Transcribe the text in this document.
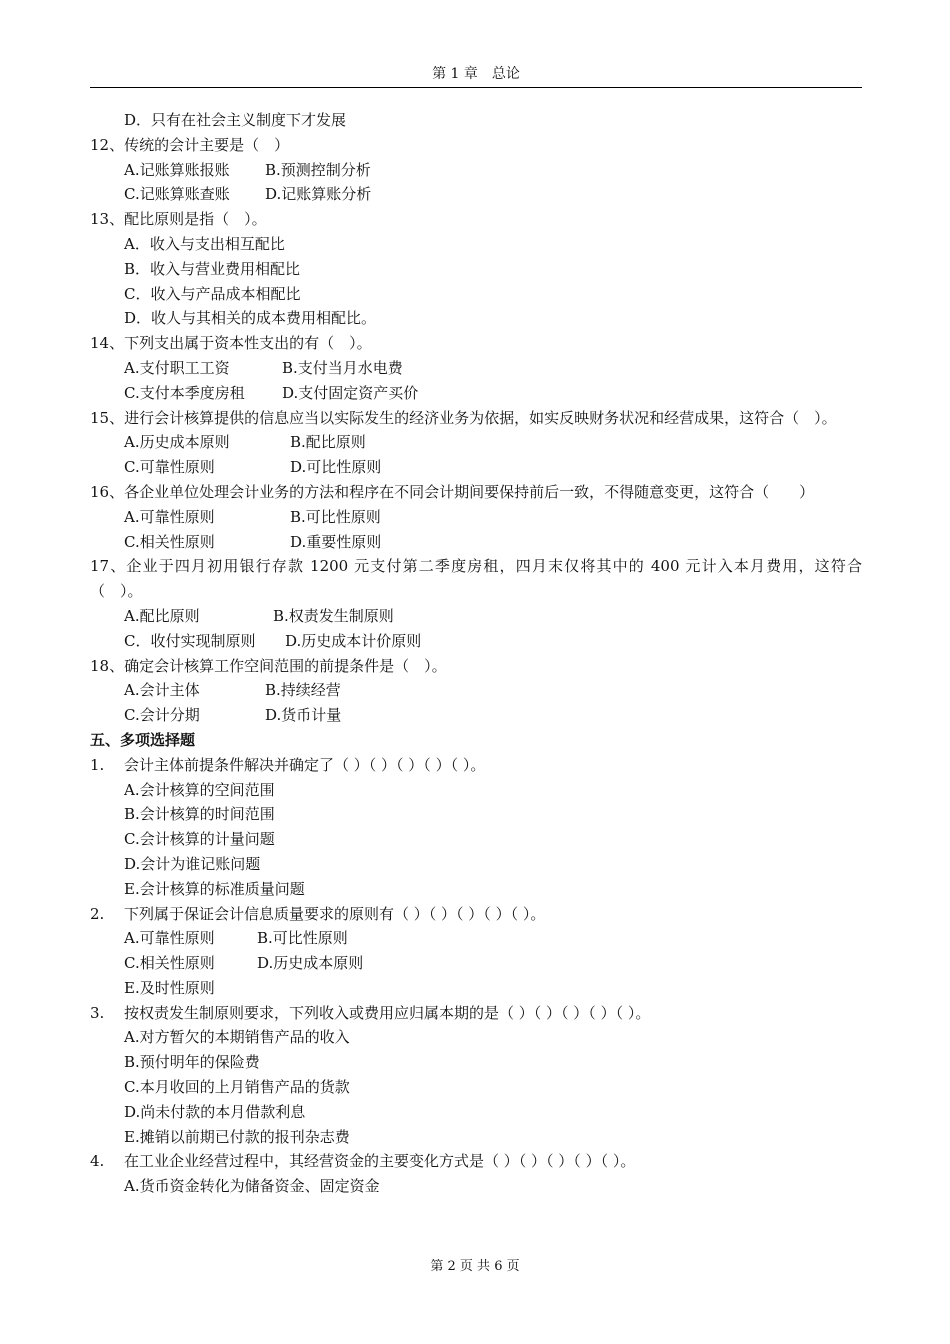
第 1 章　总论
D．只有在社会主义制度下才发展
12、传统的会计主要是（　）
A.记账算账报账 B.预测控制分析
C.记账算账查账 D.记账算账分析
13、配比原则是指（　）。
A．收入与支出相互配比
B．收入与营业费用相配比
C．收入与产品成本相配比
D．收人与其相关的成本费用相配比。
14、下列支出属于资本性支出的有（　）。
A.支付职工工资	B.支付当月水电费
C.支付本季度房租 D.支付固定资产买价
15、进行会计核算提供的信息应当以实际发生的经济业务为依据，如实反映财务状况和经营成果，这符合（　）。
A.历史成本原则	B.配比原则
C.可靠性原则	D.可比性原则
16、各企业单位处理会计业务的方法和程序在不同会计期间要保持前后一致，不得随意变更，这符合（　　）
A.可靠性原则	B.可比性原则
C.相关性原则	D.重要性原则
17、企业于四月初用银行存款 1200 元支付第二季度房租，四月末仅将其中的 400 元计入本月费用，这符合（　）。
A.配比原则	B.权责发生制原则
C．收付实现制原则 D.历史成本计价原则
18、确定会计核算工作空间范围的前提条件是（　）。
A.会计主体	B.持续经营
C.会计分期	D.货币计量
五、多项选择题
1. 会计主体前提条件解决并确定了（ ）（ ）（ ）（ ）（ ）。
A.会计核算的空间范围
B.会计核算的时间范围
C.会计核算的计量问题
D.会计为谁记账问题
E.会计核算的标准质量问题
2. 下列属于保证会计信息质量要求的原则有（ ）（ ）（ ）（ ）（ ）。
A.可靠性原则	B.可比性原则
C.相关性原则	D.历史成本原则
E.及时性原则
3. 按权责发生制原则要求，下列收入或费用应归属本期的是（ ）（ ）（ ）（ ）（ ）。
A.对方暂欠的本期销售产品的收入
B.预付明年的保险费
C.本月收回的上月销售产品的货款
D.尚未付款的本月借款利息
E.摊销以前期已付款的报刊杂志费
4. 在工业企业经营过程中，其经营资金的主要变化方式是（ ）（ ）（ ）（ ）（ ）。
A.货币资金转化为储备资金、固定资金
第 2 页 共 6 页
